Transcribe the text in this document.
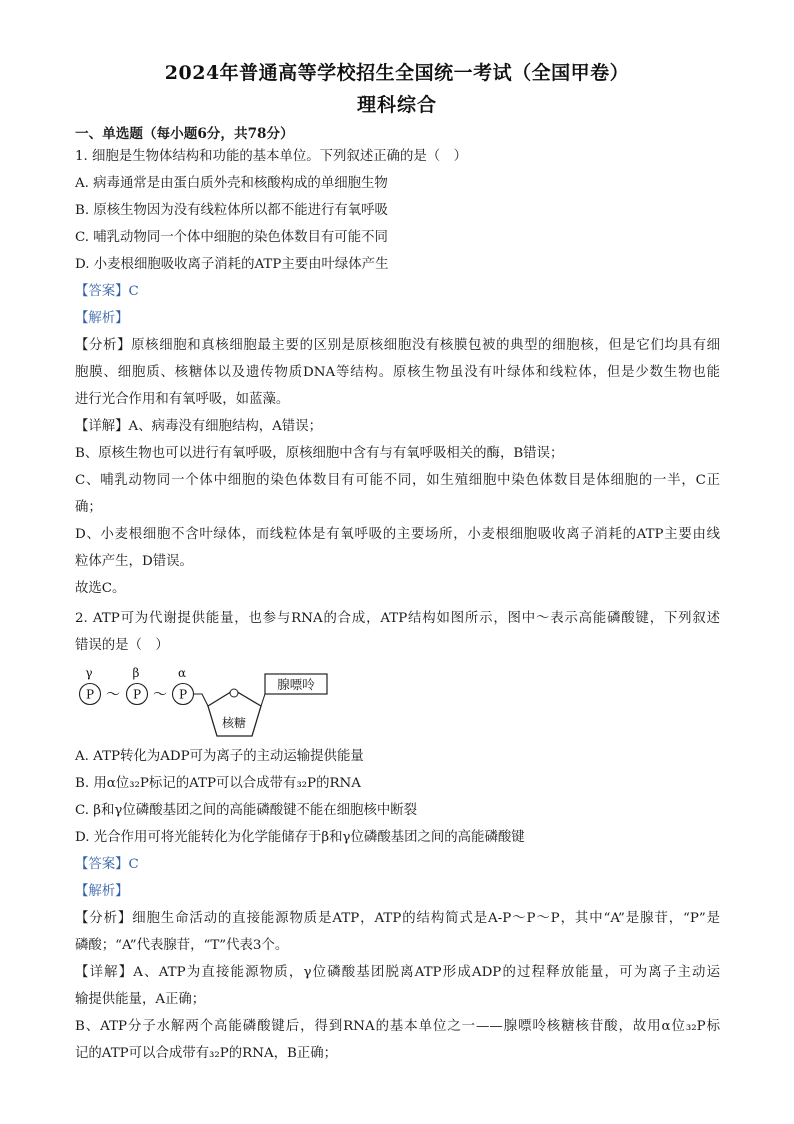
2024年普通高等学校招生全国统一考试（全国甲卷）
理科综合
一、单选题（每小题6分，共78分）
1. 细胞是生物体结构和功能的基本单位。下列叙述正确的是（　）
A. 病毒通常是由蛋白质外壳和核酸构成的单细胞生物
B. 原核生物因为没有线粒体所以都不能进行有氧呼吸
C. 哺乳动物同一个体中细胞的染色体数目有可能不同
D. 小麦根细胞吸收离子消耗的ATP主要由叶绿体产生
【答案】C
【解析】
【分析】原核细胞和真核细胞最主要的区别是原核细胞没有核膜包被的典型的细胞核，但是它们均具有细
胞膜、细胞质、核糖体以及遗传物质DNA等结构。原核生物虽没有叶绿体和线粒体，但是少数生物也能
进行光合作用和有氧呼吸，如蓝藻。
【详解】A、病毒没有细胞结构，A错误；
B、原核生物也可以进行有氧呼吸，原核细胞中含有与有氧呼吸相关的酶，B错误；
C、哺乳动物同一个体中细胞的染色体数目有可能不同，如生殖细胞中染色体数目是体细胞的一半，C正
确；
D、小麦根细胞不含叶绿体，而线粒体是有氧呼吸的主要场所，小麦根细胞吸收离子消耗的ATP主要由线
粒体产生，D错误。
故选C。
2. ATP可为代谢提供能量，也参与RNA的合成，ATP结构如图所示，图中～表示高能磷酸键，下列叙述
错误的是（　）
γ	β	α
P ～ P ～ P
核糖
腺嘌呤
A. ATP转化为ADP可为离子的主动运输提供能量
B. 用α位₃₂P标记的ATP可以合成带有₃₂P的RNA
C. β和γ位磷酸基团之间的高能磷酸键不能在细胞核中断裂
D. 光合作用可将光能转化为化学能储存于β和γ位磷酸基团之间的高能磷酸键
【答案】C
【解析】
【分析】细胞生命活动的直接能源物质是ATP，ATP的结构简式是A-P～P～P，其中“A”是腺苷，“P”是
磷酸；“A”代表腺苷，“T”代表3个。
【详解】A、ATP为直接能源物质，γ位磷酸基团脱离ATP形成ADP的过程释放能量，可为离子主动运
输提供能量，A正确；
B、ATP分子水解两个高能磷酸键后，得到RNA的基本单位之一——腺嘌呤核糖核苷酸，故用α位₃₂P标
记的ATP可以合成带有₃₂P的RNA，B正确；
